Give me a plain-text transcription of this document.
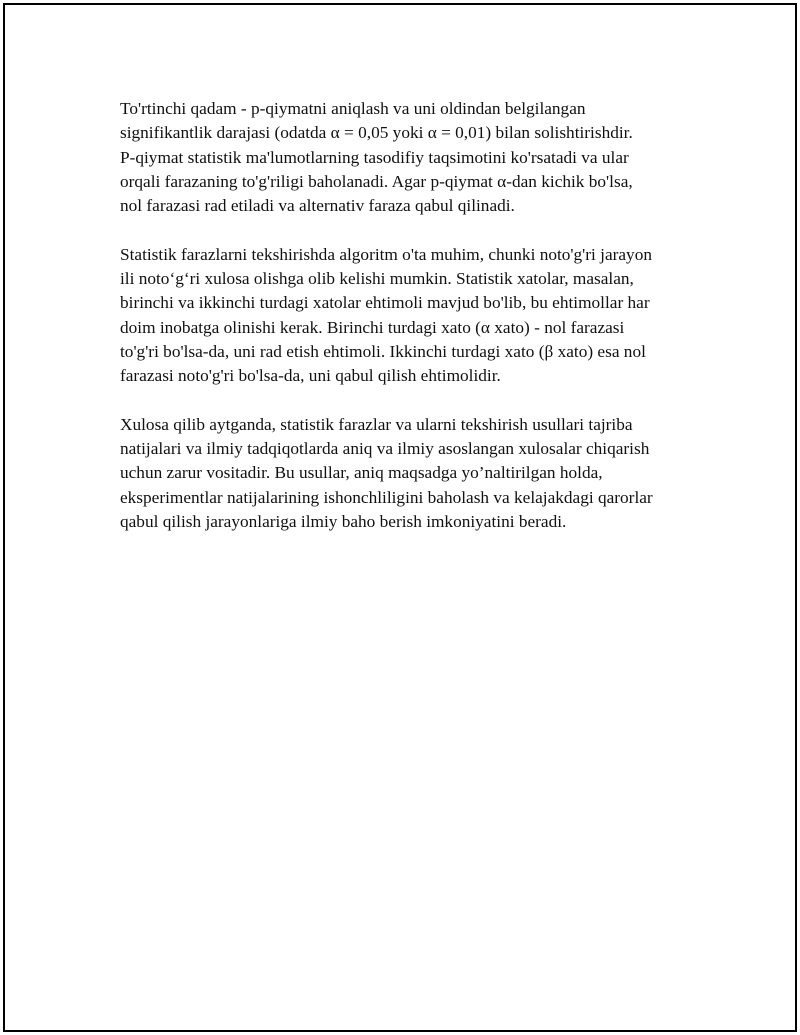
To'rtinchi qadam - p-qiymatni aniqlash va uni oldindan belgilangan
signifikantlik darajasi (odatda α = 0,05 yoki α = 0,01) bilan solishtirishdir.
P-qiymat statistik ma'lumotlarning tasodifiy taqsimotini ko'rsatadi va ular
orqali farazaning to'g'riligi baholanadi. Agar p-qiymat α-dan kichik bo'lsa,
nol farazasi rad etiladi va alternativ faraza qabul qilinadi.

Statistik farazlarni tekshirishda algoritm o'ta muhim, chunki noto'g'ri jarayon
ili noto‘g‘ri xulosa olishga olib kelishi mumkin. Statistik xatolar, masalan,
birinchi va ikkinchi turdagi xatolar ehtimoli mavjud bo'lib, bu ehtimollar har
doim inobatga olinishi kerak. Birinchi turdagi xato (α xato) - nol farazasi
to'g'ri bo'lsa-da, uni rad etish ehtimoli. Ikkinchi turdagi xato (β xato) esa nol
farazasi noto'g'ri bo'lsa-da, uni qabul qilish ehtimolidir.

Xulosa qilib aytganda, statistik farazlar va ularni tekshirish usullari tajriba
natijalari va ilmiy tadqiqotlarda aniq va ilmiy asoslangan xulosalar chiqarish
uchun zarur vositadir. Bu usullar, aniq maqsadga yo’naltirilgan holda,
eksperimentlar natijalarining ishonchliligini baholash va kelajakdagi qarorlar
qabul qilish jarayonlariga ilmiy baho berish imkoniyatini beradi.
